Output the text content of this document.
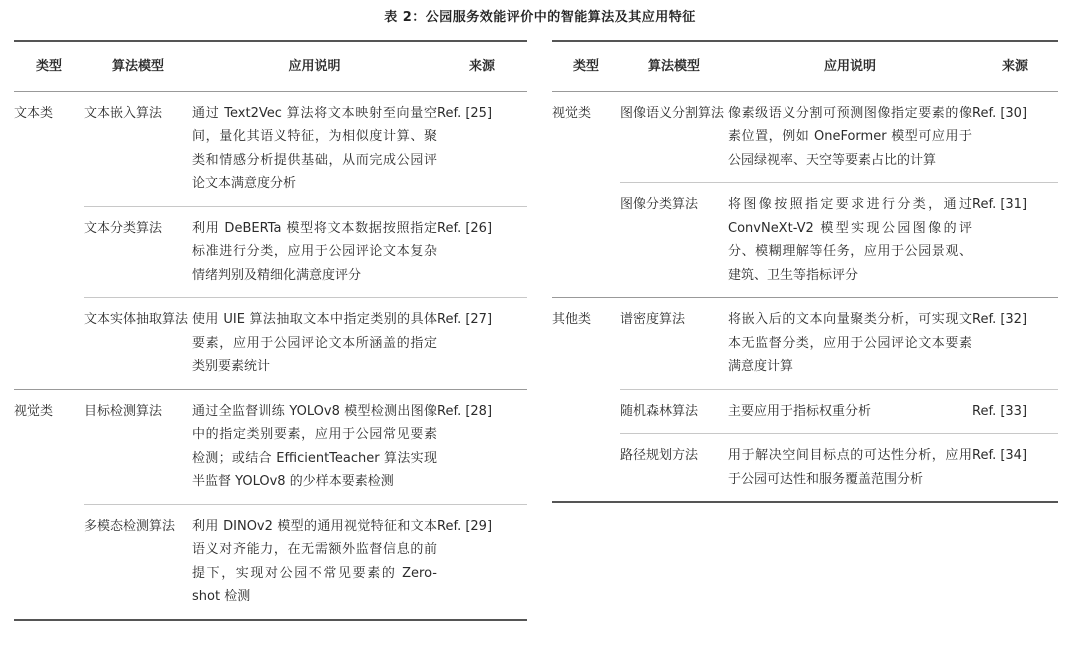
表 2：公园服务效能评价中的智能算法及其应用特征
类型	算法模型	应用说明	来源
文本类	文本嵌入算法	通过 Text2Vec 算法将文本映射至向量空间，量化其语义特征，为相似度计算、聚类和情感分析提供基础，从而完成公园评论文本满意度分析	Ref. [25]
	文本分类算法	利用 DeBERTa 模型将文本数据按照指定标准进行分类，应用于公园评论文本复杂情绪判别及精细化满意度评分	Ref. [26]
	文本实体抽取算法	使用 UIE 算法抽取文本中指定类别的具体要素，应用于公园评论文本所涵盖的指定类别要素统计	Ref. [27]
视觉类	目标检测算法	通过全监督训练 YOLOv8 模型检测出图像中的指定类别要素，应用于公园常见要素检测；或结合 EfficientTeacher 算法实现半监督 YOLOv8 的少样本要素检测	Ref. [28]
	多模态检测算法	利用 DINOv2 模型的通用视觉特征和文本语义对齐能力，在无需额外监督信息的前提下，实现对公园不常见要素的 Zero-shot 检测	Ref. [29]
类型	算法模型	应用说明	来源
视觉类	图像语义分割算法	像素级语义分割可预测图像指定要素的像素位置，例如 OneFormer 模型可应用于公园绿视率、天空等要素占比的计算	Ref. [30]
	图像分类算法	将图像按照指定要求进行分类，通过 ConvNeXt-V2 模型实现公园图像的评分、模糊理解等任务，应用于公园景观、建筑、卫生等指标评分	Ref. [31]
其他类	谱密度算法	将嵌入后的文本向量聚类分析，可实现文本无监督分类，应用于公园评论文本要素满意度计算	Ref. [32]
	随机森林算法	主要应用于指标权重分析	Ref. [33]
	路径规划方法	用于解决空间目标点的可达性分析，应用于公园可达性和服务覆盖范围分析	Ref. [34]
